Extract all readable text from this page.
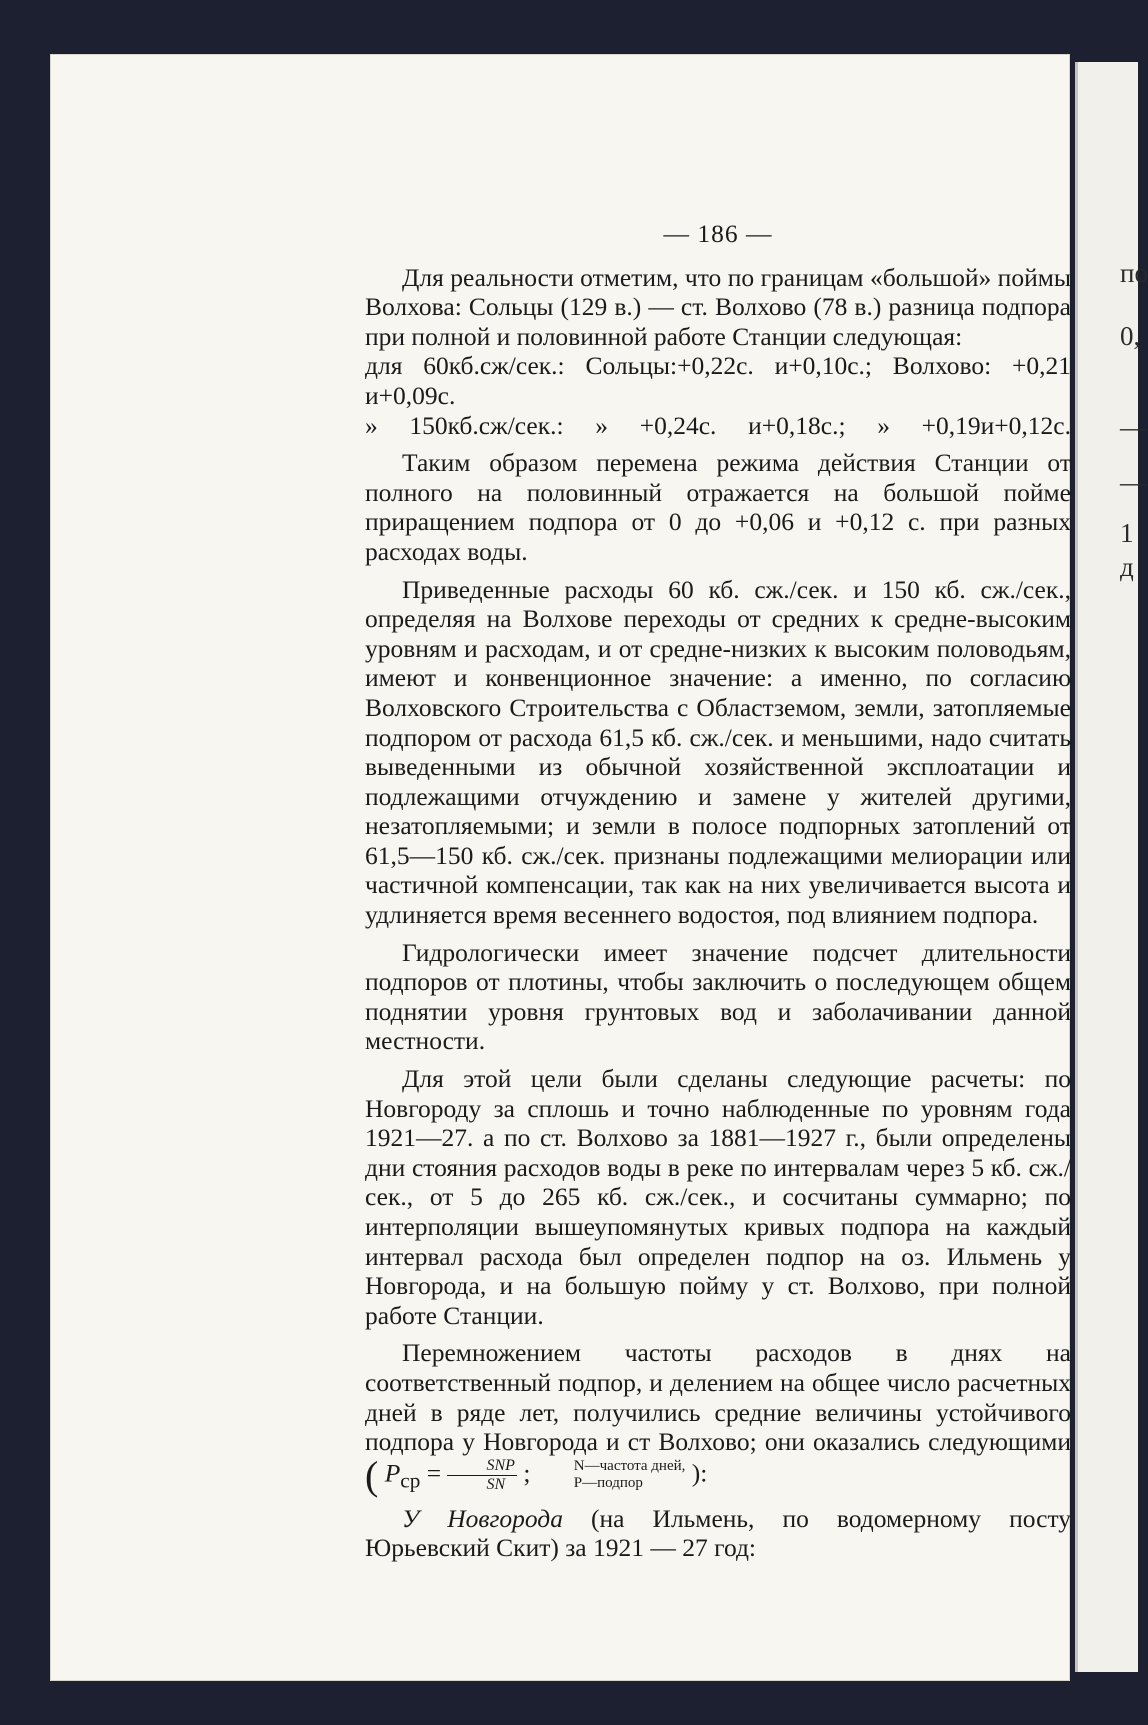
— 186 —

Для реальности отметим, что по границам «большой» поймы
Волхова: Сольцы (129 в.) — ст. Волхово (78 в.) разница подпора
при полной и половинной работе Станции следующая:
для 60кб.сж/сек.: Сольцы:+0,22с. и+0,10с.; Волхово: +0,21 и+0,09с.
» 150кб.сж/сек.: » +0,24с. и+0,18с.; » +0,19и+0,12с.

Таким образом перемена режима действия Станции от полного на половинный отражается на большой пойме приращением подпора от 0 до +0,06 и +0,12 с. при разных расходах воды.

Приведенные расходы 60 кб. сж./сек. и 150 кб. сж./сек., определяя на Волхове переходы от средних к средне-высоким уровням и расходам, и от средне-низких к высоким половодьям, имеют и конвенционное значение: а именно, по согласию Волховского Строительства с Областземом, земли, затопляемые подпором от расхода 61,5 кб. сж./сек. и меньшими, надо считать выведенными из обычной хозяйственной эксплоатации и подлежащими отчуждению и замене у жителей другими, незатопляемыми; и земли в полосе подпорных затоплений от 61,5—150 кб. сж./сек. признаны подлежащими мелиорации или частичной компенсации, так как на них увеличивается высота и удлиняется время весеннего водостоя, под влиянием подпора.

Гидрологически имеет значение подсчет длительности подпоров от плотины, чтобы заключить о последующем общем поднятии уровня грунтовых вод и заболачивании данной местности.

Для этой цели были сделаны следующие расчеты: по Новгороду за сплошь и точно наблюденные по уровням года 1921—27. а по ст. Волхово за 1881—1927 г., были определены дни стояния расходов воды в реке по интервалам через 5 кб. сж./сек., от 5 до 265 кб. сж./сек., и сосчитаны суммарно; по интерполяции вышеупомянутых кривых подпора на каждый интервал расхода был определен подпор на оз. Ильмень у Новгорода, и на большую пойму у ст. Волхово, при полной работе Станции.

Перемножением частоты расходов в днях на соответственный подпор, и делением на общее число расчетных дней в ряде лет, получились средние величины устойчивого подпора у Новгорода и ст Волхово; они оказались следующими ( $P_{ср} = \frac{\text{SNP}}{SN}$ ;	N—частота дней,
P—подпор	):

У Новгорода (на Ильмень, по водомерному посту Юрьевский Скит) за 1921 — 27 год:

по
0,
—
—
1
д
